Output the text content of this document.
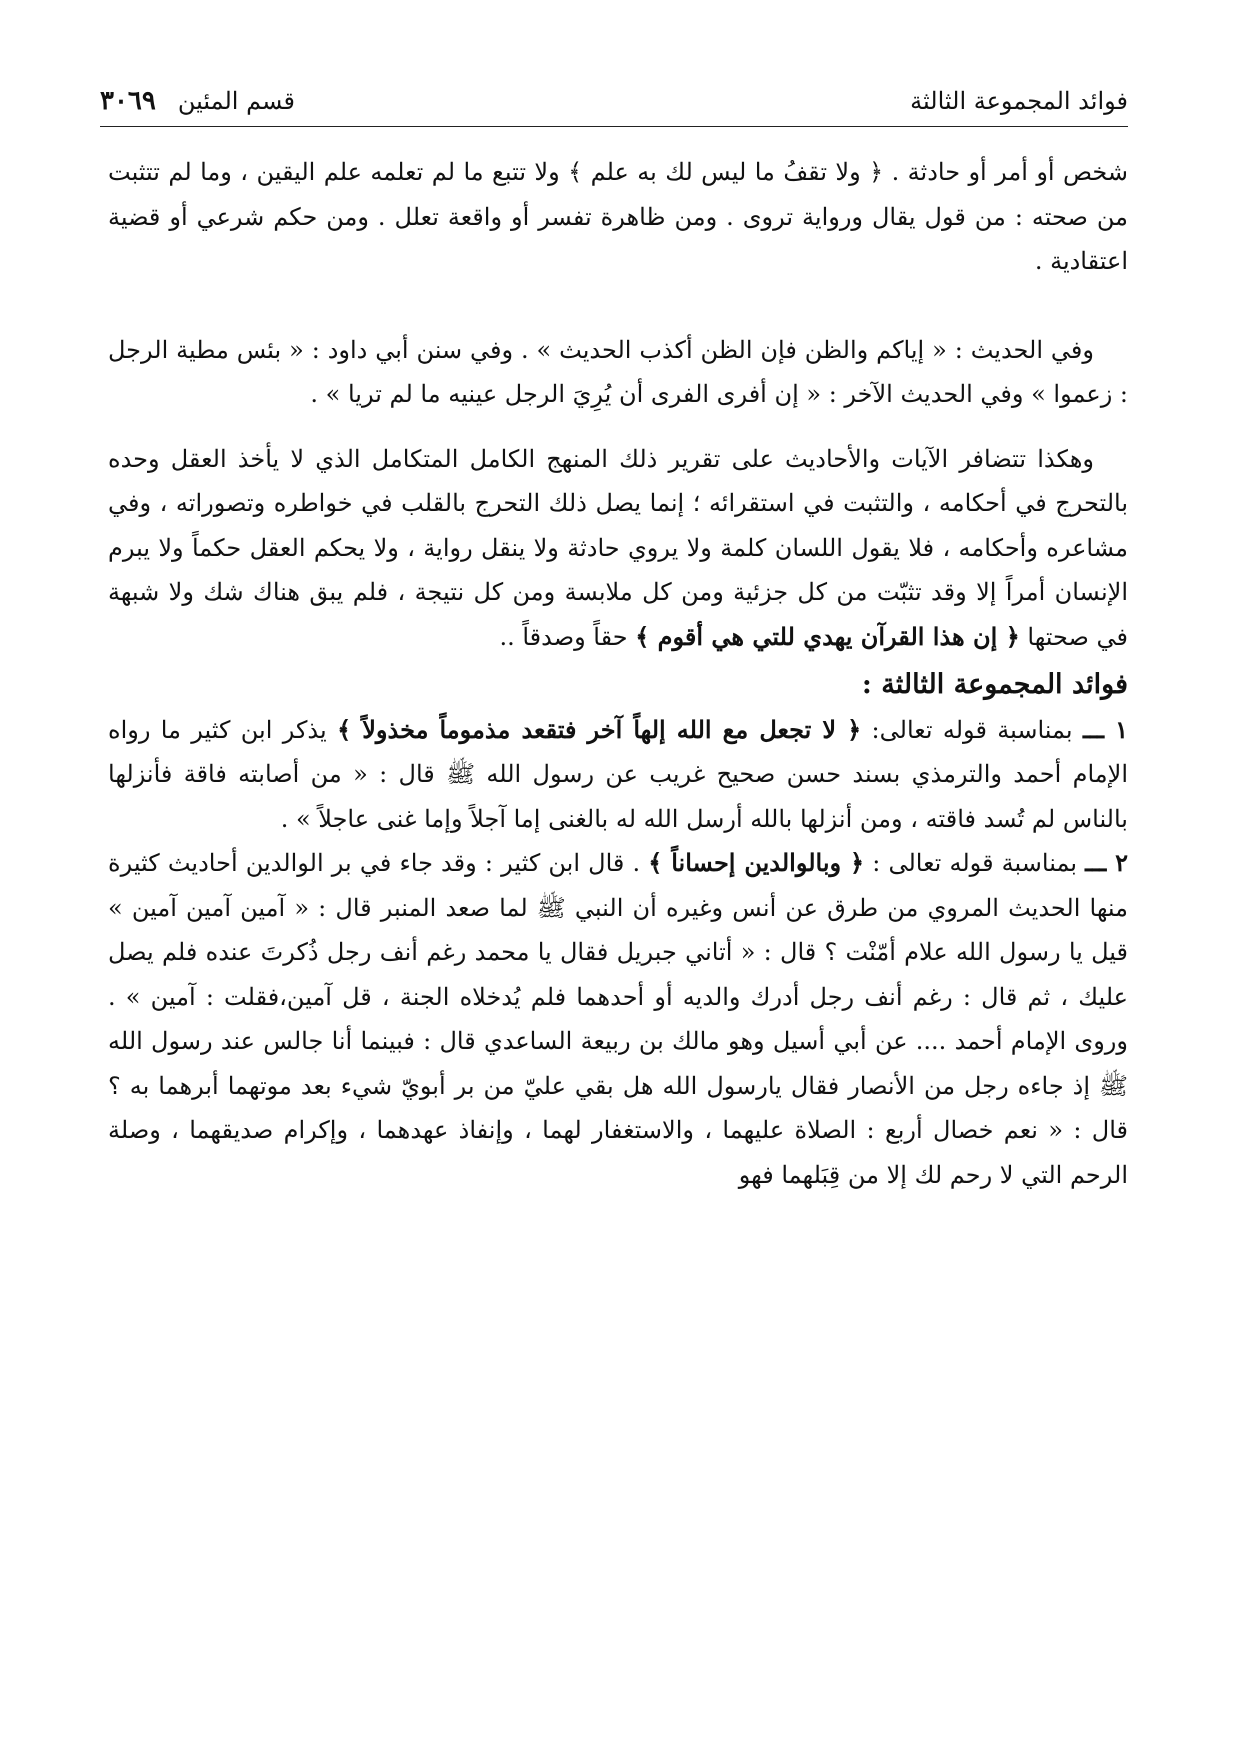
فوائد المجموعة الثالثة
قسم المئين
٣٠٦٩

شخص أو أمر أو حادثة . ﴿ ولا تقفُ ما ليس لك به علم ﴾ ولا تتبع ما لم تعلمه علم اليقين ، وما لم تتثبت من صحته : من قول يقال ورواية تروى . ومن ظاهرة تفسر أو واقعة تعلل . ومن حكم شرعي أو قضية اعتقادية .

وفي الحديث : « إياكم والظن فإن الظن أكذب الحديث » . وفي سنن أبي داود : « بئس مطية الرجل : زعموا » وفي الحديث الآخر : « إن أفرى الفرى أن يُرِيَ الرجل عينيه ما لم تريا » .

وهكذا تتضافر الآيات والأحاديث على تقرير ذلك المنهج الكامل المتكامل الذي لا يأخذ العقل وحده بالتحرج في أحكامه ، والتثبت في استقرائه ؛ إنما يصل ذلك التحرج بالقلب في خواطره وتصوراته ، وفي مشاعره وأحكامه ، فلا يقول اللسان كلمة ولا يروي حادثة ولا ينقل رواية ، ولا يحكم العقل حكماً ولا يبرم الإنسان أمراً إلا وقد تثبّت من كل جزئية ومن كل ملابسة ومن كل نتيجة ، فلم يبق هناك شك ولا شبهة في صحتها ﴿ إن هذا القرآن يهدي للتي هي أقوم ﴾ حقاً وصدقاً ..

فوائد المجموعة الثالثة :

١ ـــ بمناسبة قوله تعالى: ﴿ لا تجعل مع الله إلهاً آخر فتقعد مذموماً مخذولاً ﴾ يذكر ابن كثير ما رواه الإمام أحمد والترمذي بسند حسن صحيح غريب عن رسول الله ﷺ قال : « من أصابته فاقة فأنزلها بالناس لم تُسد فاقته ، ومن أنزلها بالله أرسل الله له بالغنى إما آجلاً وإما غنى عاجلاً » .

٢ ـــ بمناسبة قوله تعالى : ﴿ وبالوالدين إحساناً ﴾ . قال ابن كثير : وقد جاء في بر الوالدين أحاديث كثيرة منها الحديث المروي من طرق عن أنس وغيره أن النبي ﷺ لما صعد المنبر قال : « آمين آمين آمين » قيل يا رسول الله علام أمّنْت ؟ قال : « أتاني جبريل فقال يا محمد رغم أنف رجل ذُكرتَ عنده فلم يصل عليك ، ثم قال : رغم أنف رجل أدرك والديه أو أحدهما فلم يُدخلاه الجنة ، قل آمين،فقلت : آمين » . وروى الإمام أحمد .... عن أبي أسيل وهو مالك بن ربيعة الساعدي قال : فبينما أنا جالس عند رسول الله ﷺ إذ جاءه رجل من الأنصار فقال يارسول الله هل بقي عليّ من بر أبويّ شيء بعد موتهما أبرهما به ؟ قال : « نعم خصال أربع : الصلاة عليهما ، والاستغفار لهما ، وإنفاذ عهدهما ، وإكرام صديقهما ، وصلة الرحم التي لا رحم لك إلا من قِبَلهما فهو
